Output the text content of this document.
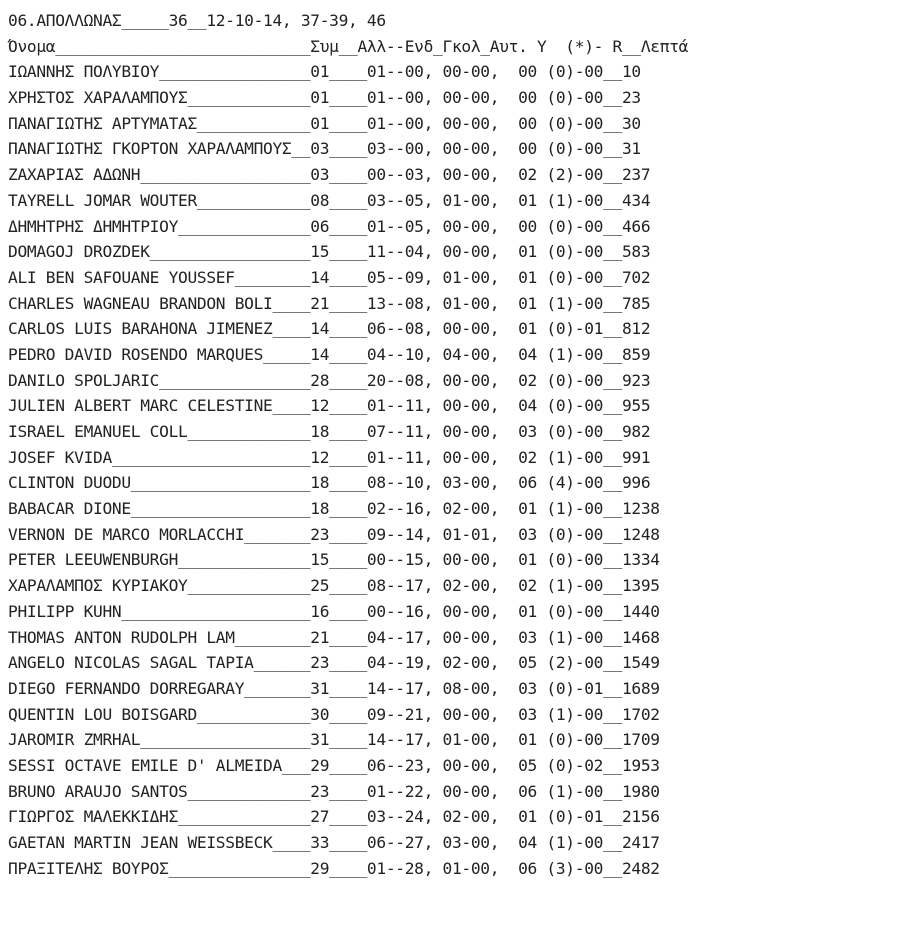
06.ΑΠΟΛΛΩΝΑΣ_____36__12-10-14, 37-39, 46
Όνομα___________________________Συμ__Αλλ--Ενδ_Γκολ_Αυτ. Υ  (*)- R__Λεπτά
ΙΩΑΝΝΗΣ ΠΟΛΥΒΙΟΥ________________01____01--00, 00-00,  00 (0)-00__10
ΧΡΗΣΤΟΣ ΧΑΡΑΛΑΜΠΟΥΣ_____________01____01--00, 00-00,  00 (0)-00__23
ΠΑΝΑΓΙΩΤΗΣ ΑΡΤΥΜΑΤΑΣ____________01____01--00, 00-00,  00 (0)-00__30
ΠΑΝΑΓΙΩΤΗΣ ΓΚΟΡΤΟΝ ΧΑΡΑΛΑΜΠΟΥΣ__03____03--00, 00-00,  00 (0)-00__31
ΖΑΧΑΡΙΑΣ ΑΔΩΝΗ__________________03____00--03, 00-00,  02 (2)-00__237
TAYRELL JOMAR WOUTER____________08____03--05, 01-00,  01 (1)-00__434
ΔΗΜΗΤΡΗΣ ΔΗΜΗΤΡΙΟΥ______________06____01--05, 00-00,  00 (0)-00__466
DOMAGOJ DROZDEK_________________15____11--04, 00-00,  01 (0)-00__583
ALI BEN SAFOUANE YOUSSEF________14____05--09, 01-00,  01 (0)-00__702
CHARLES WAGNEAU BRANDON BOLI____21____13--08, 01-00,  01 (1)-00__785
CARLOS LUIS BARAHONA JIMENEZ____14____06--08, 00-00,  01 (0)-01__812
PEDRO DAVID ROSENDO MARQUES_____14____04--10, 04-00,  04 (1)-00__859
DANILO SPOLJARIC________________28____20--08, 00-00,  02 (0)-00__923
JULIEN ALBERT MARC CELESTINE____12____01--11, 00-00,  04 (0)-00__955
ISRAEL EMANUEL COLL_____________18____07--11, 00-00,  03 (0)-00__982
JOSEF KVIDA_____________________12____01--11, 00-00,  02 (1)-00__991
CLINTON DUODU___________________18____08--10, 03-00,  06 (4)-00__996
BABACAR DIONE___________________18____02--16, 02-00,  01 (1)-00__1238
VERNON DE MARCO MORLACCHI_______23____09--14, 01-01,  03 (0)-00__1248
PETER LEEUWENBURGH______________15____00--15, 00-00,  01 (0)-00__1334
ΧΑΡΑΛΑΜΠΟΣ ΚΥΡΙΑΚΟΥ_____________25____08--17, 02-00,  02 (1)-00__1395
PHILIPP KUHN____________________16____00--16, 00-00,  01 (0)-00__1440
THOMAS ANTON RUDOLPH LAM________21____04--17, 00-00,  03 (1)-00__1468
ANGELO NICOLAS SAGAL TAPIA______23____04--19, 02-00,  05 (2)-00__1549
DIEGO FERNANDO DORREGARAY_______31____14--17, 08-00,  03 (0)-01__1689
QUENTIN LOU BOISGARD____________30____09--21, 00-00,  03 (1)-00__1702
JAROMIR ZMRHAL__________________31____14--17, 01-00,  01 (0)-00__1709
SESSI OCTAVE EMILE D' ALMEIDA___29____06--23, 00-00,  05 (0)-02__1953
BRUNO ARAUJO SANTOS_____________23____01--22, 00-00,  06 (1)-00__1980
ΓΙΩΡΓΟΣ ΜΑΛΕΚΚΙΔΗΣ______________27____03--24, 02-00,  01 (0)-01__2156
GAETAN MARTIN JEAN WEISSBECK____33____06--27, 03-00,  04 (1)-00__2417
ΠΡΑΞΙΤΕΛΗΣ ΒΟΥΡΟΣ_______________29____01--28, 01-00,  06 (3)-00__2482
